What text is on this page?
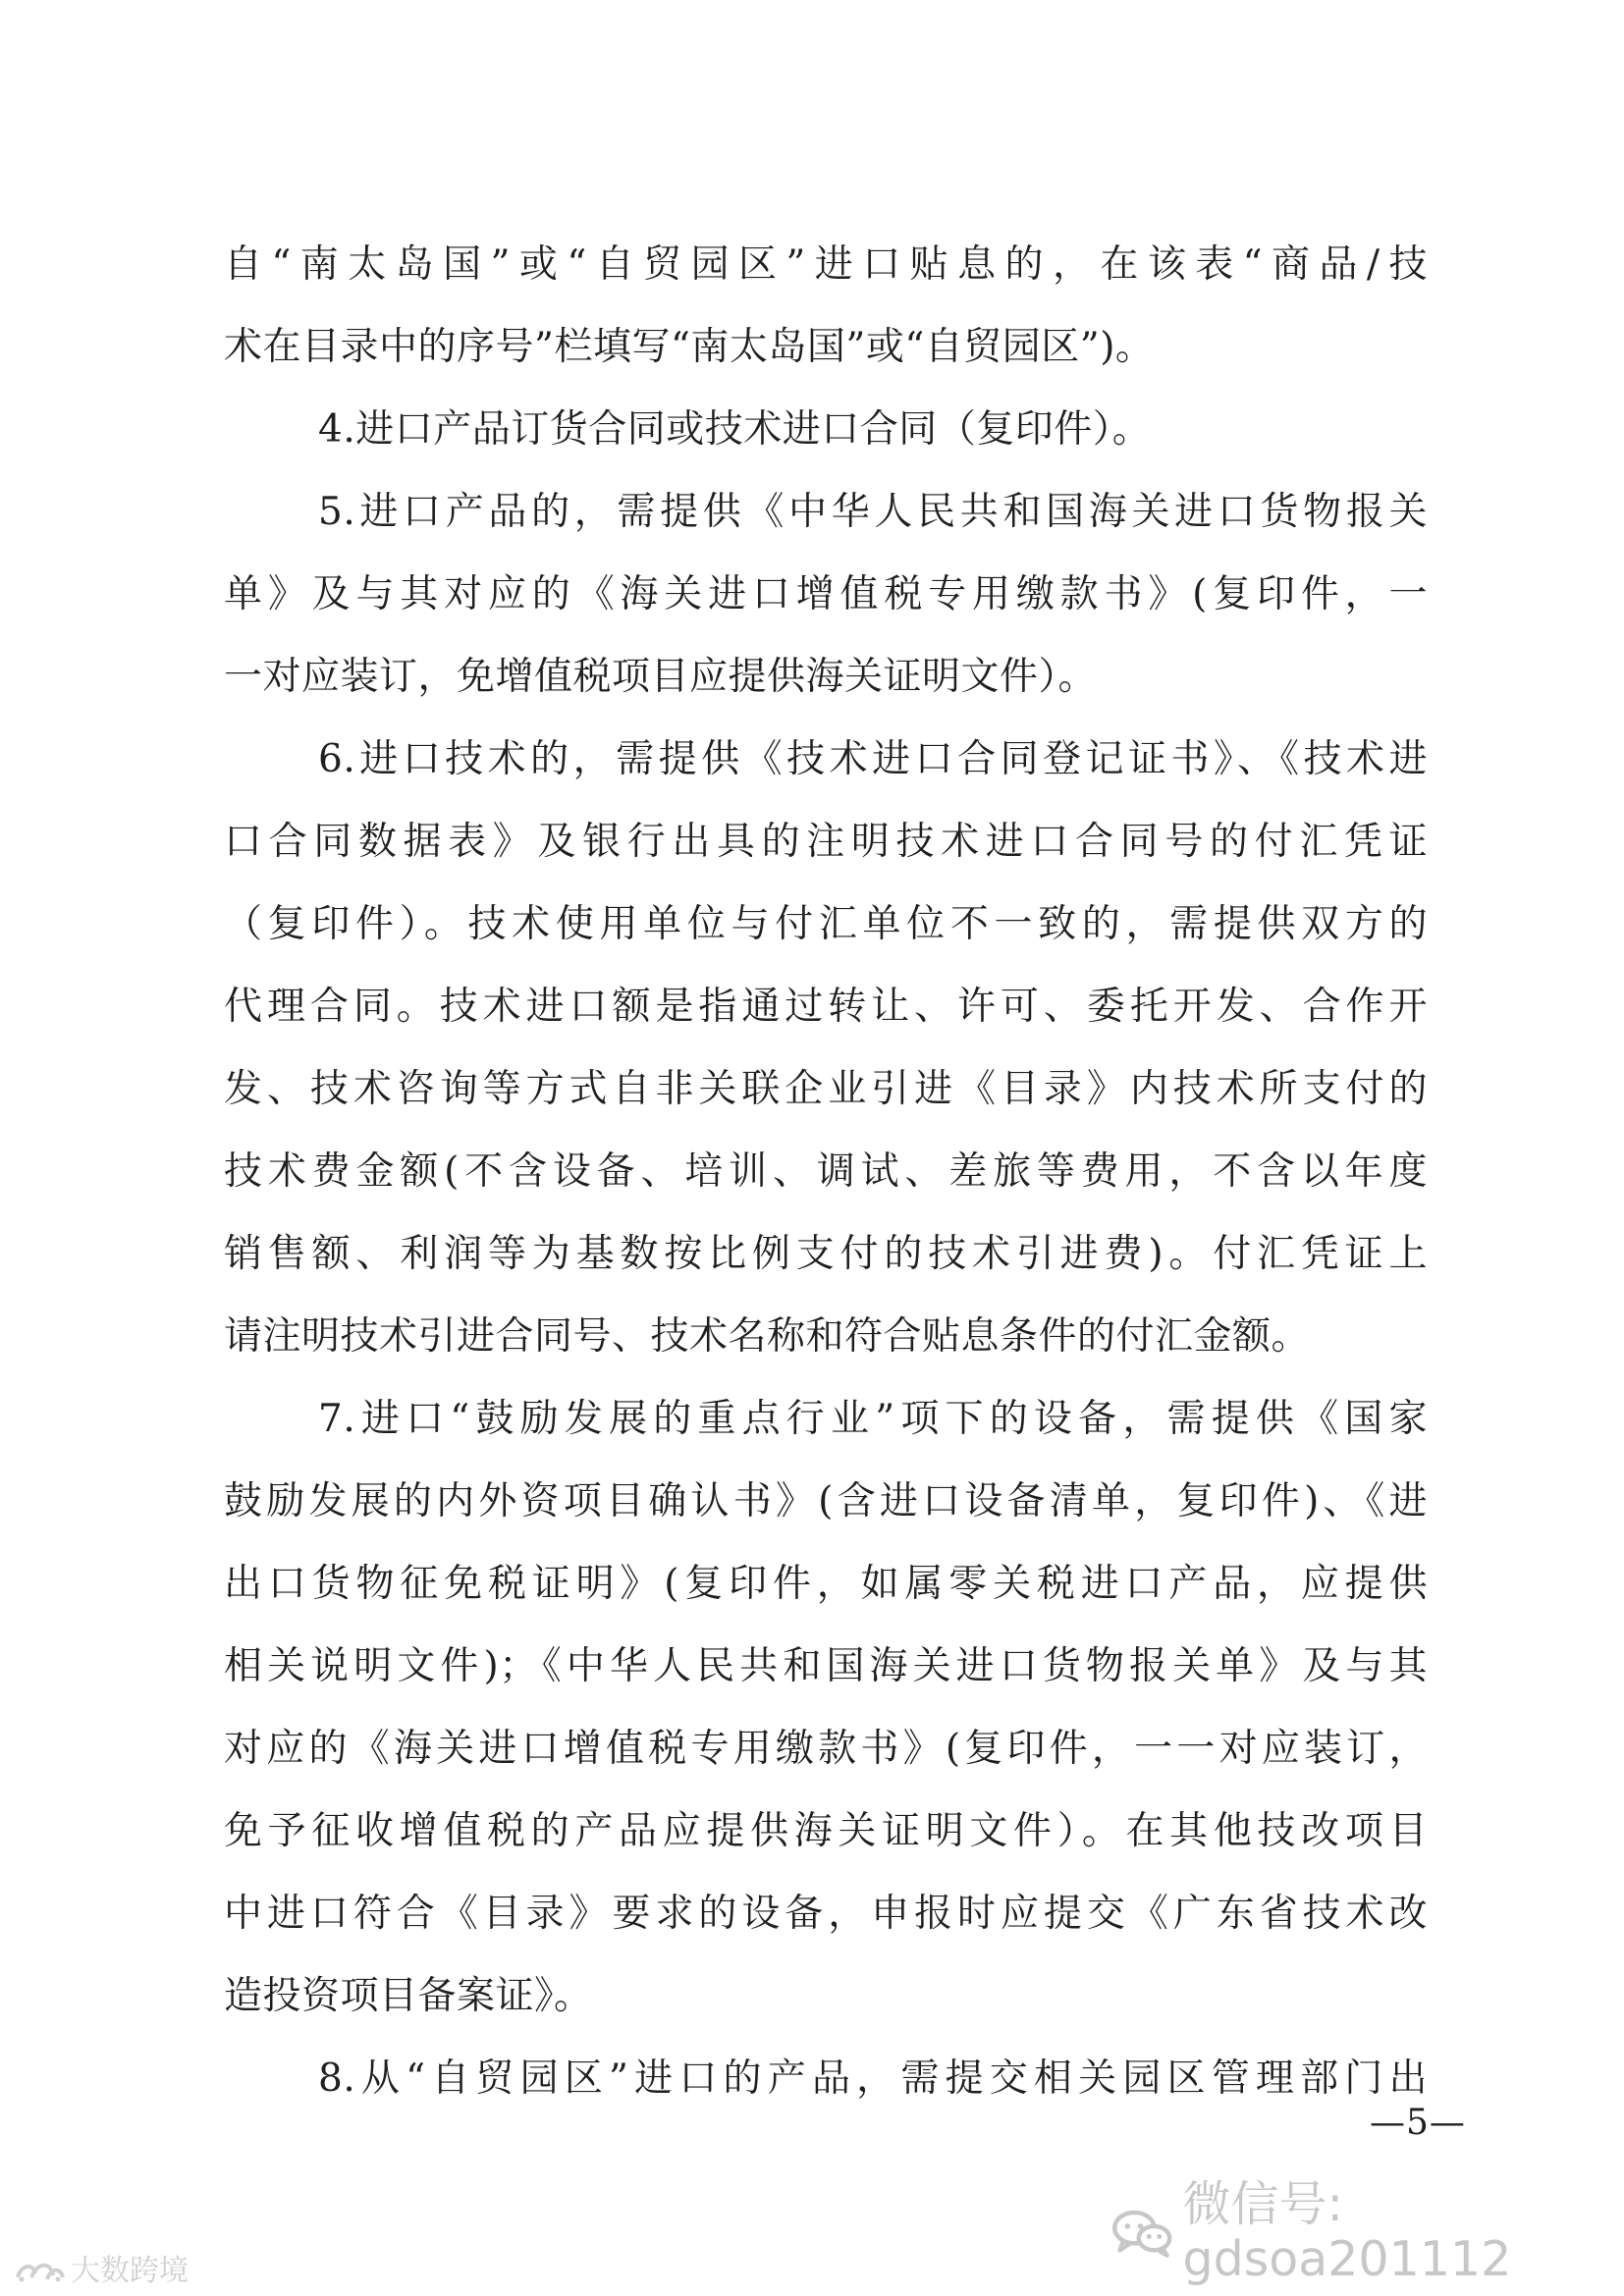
自“南太岛国”或“自贸园区”进口贴息的，在该表“商品/技

术在目录中的序号”栏填写“南太岛国”或“自贸园区”)。

4.进口产品订货合同或技术进口合同（复印件）。

5.进口产品的，需提供《中华人民共和国海关进口货物报关

单》及与其对应的《海关进口增值税专用缴款书》(复印件，一

一对应装订，免增值税项目应提供海关证明文件）。

6.进口技术的，需提供《技术进口合同登记证书》、《技术进

口合同数据表》及银行出具的注明技术进口合同号的付汇凭证

（复印件）。技术使用单位与付汇单位不一致的，需提供双方的

代理合同。技术进口额是指通过转让、许可、委托开发、合作开

发、技术咨询等方式自非关联企业引进《目录》内技术所支付的

技术费金额(不含设备、培训、调试、差旅等费用，不含以年度

销售额、利润等为基数按比例支付的技术引进费)。付汇凭证上

请注明技术引进合同号、技术名称和符合贴息条件的付汇金额。

7.进口“鼓励发展的重点行业”项下的设备，需提供《国家

鼓励发展的内外资项目确认书》(含进口设备清单，复印件)、《进

出口货物征免税证明》(复印件，如属零关税进口产品，应提供

相关说明文件)；《中华人民共和国海关进口货物报关单》及与其

对应的《海关进口增值税专用缴款书》(复印件，一一对应装订，

免予征收增值税的产品应提供海关证明文件）。在其他技改项目

中进口符合《目录》要求的设备，申报时应提交《广东省技术改

造投资项目备案证》。

8.从“自贸园区”进口的产品，需提交相关园区管理部门出

—5—
微信号: gdsoa201112
大数跨境
